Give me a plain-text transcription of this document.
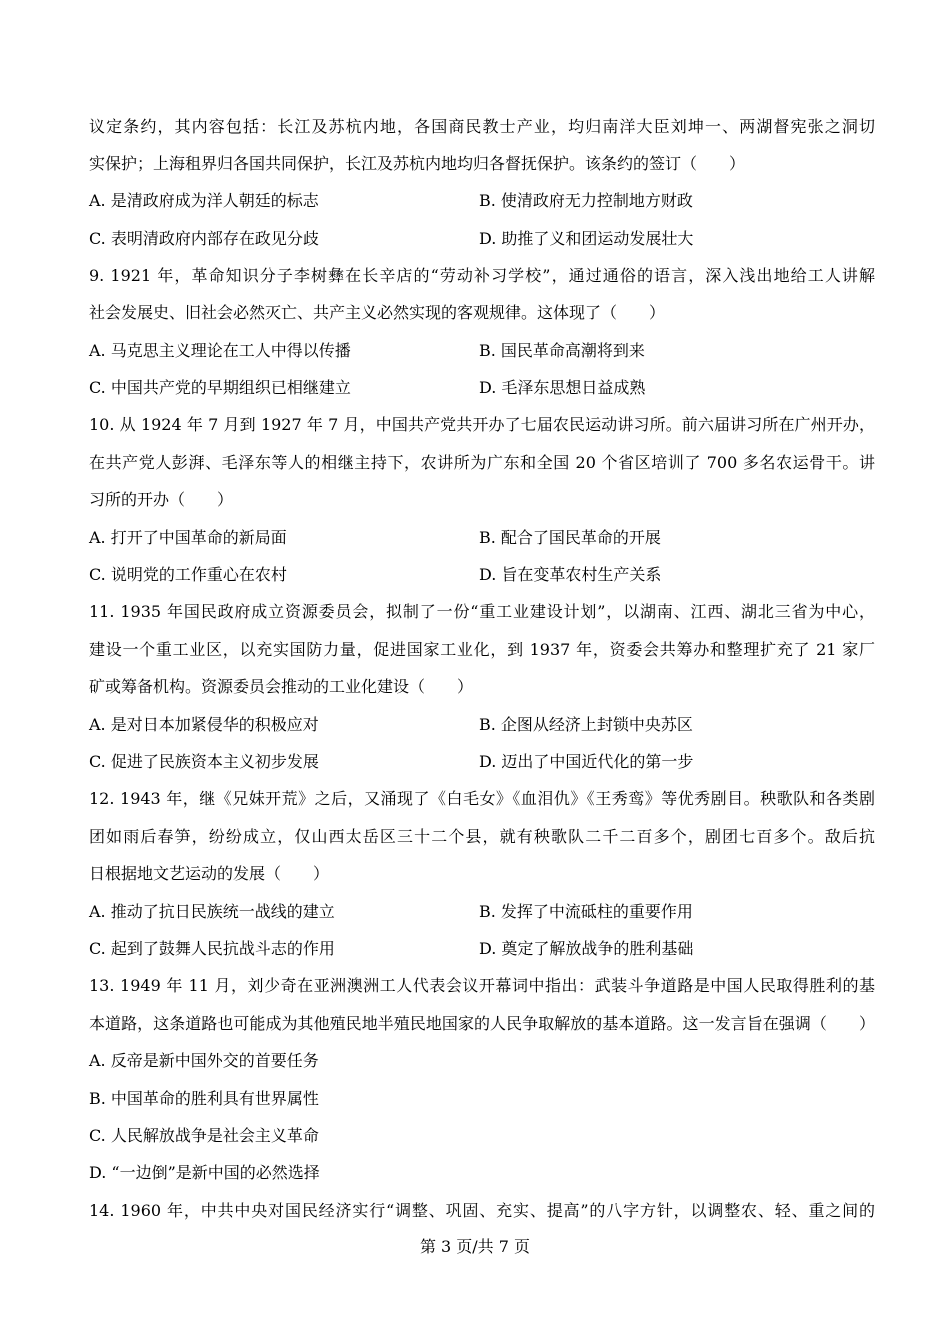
议定条约，其内容包括：长江及苏杭内地，各国商民教士产业，均归南洋大臣刘坤一、两湖督宪张之洞切
实保护；上海租界归各国共同保护，长江及苏杭内地均归各督抚保护。该条约的签订（　　）
A. 是清政府成为洋人朝廷的标志	B. 使清政府无力控制地方财政
C. 表明清政府内部存在政见分歧	D. 助推了义和团运动发展壮大
9. 1921 年，革命知识分子李树彝在长辛店的“劳动补习学校”，通过通俗的语言，深入浅出地给工人讲解
社会发展史、旧社会必然灭亡、共产主义必然实现的客观规律。这体现了（　　）
A. 马克思主义理论在工人中得以传播	B. 国民革命高潮将到来
C. 中国共产党的早期组织已相继建立	D. 毛泽东思想日益成熟
10. 从 1924 年 7 月到 1927 年 7 月，中国共产党共开办了七届农民运动讲习所。前六届讲习所在广州开办，
在共产党人彭湃、毛泽东等人的相继主持下，农讲所为广东和全国 20 个省区培训了 700 多名农运骨干。讲
习所的开办（　　）
A. 打开了中国革命的新局面	B. 配合了国民革命的开展
C. 说明党的工作重心在农村	D. 旨在变革农村生产关系
11. 1935 年国民政府成立资源委员会，拟制了一份“重工业建设计划”，以湖南、江西、湖北三省为中心，
建设一个重工业区，以充实国防力量，促进国家工业化，到 1937 年，资委会共筹办和整理扩充了 21 家厂
矿或筹备机构。资源委员会推动的工业化建设（　　）
A. 是对日本加紧侵华的积极应对	B. 企图从经济上封锁中央苏区
C. 促进了民族资本主义初步发展	D. 迈出了中国近代化的第一步
12. 1943 年，继《兄妹开荒》之后，又涌现了《白毛女》《血泪仇》《王秀鸾》等优秀剧目。秧歌队和各类剧
团如雨后春笋，纷纷成立，仅山西太岳区三十二个县，就有秧歌队二千二百多个，剧团七百多个。敌后抗
日根据地文艺运动的发展（　　）
A. 推动了抗日民族统一战线的建立	B. 发挥了中流砥柱的重要作用
C. 起到了鼓舞人民抗战斗志的作用	D. 奠定了解放战争的胜利基础
13. 1949 年 11 月，刘少奇在亚洲澳洲工人代表会议开幕词中指出：武装斗争道路是中国人民取得胜利的基
本道路，这条道路也可能成为其他殖民地半殖民地国家的人民争取解放的基本道路。这一发言旨在强调（　　）
A. 反帝是新中国外交的首要任务
B. 中国革命的胜利具有世界属性
C. 人民解放战争是社会主义革命
D. “一边倒”是新中国的必然选择
14. 1960 年，中共中央对国民经济实行“调整、巩固、充实、提高”的八字方针，以调整农、轻、重之间的
第 3 页/共 7 页
